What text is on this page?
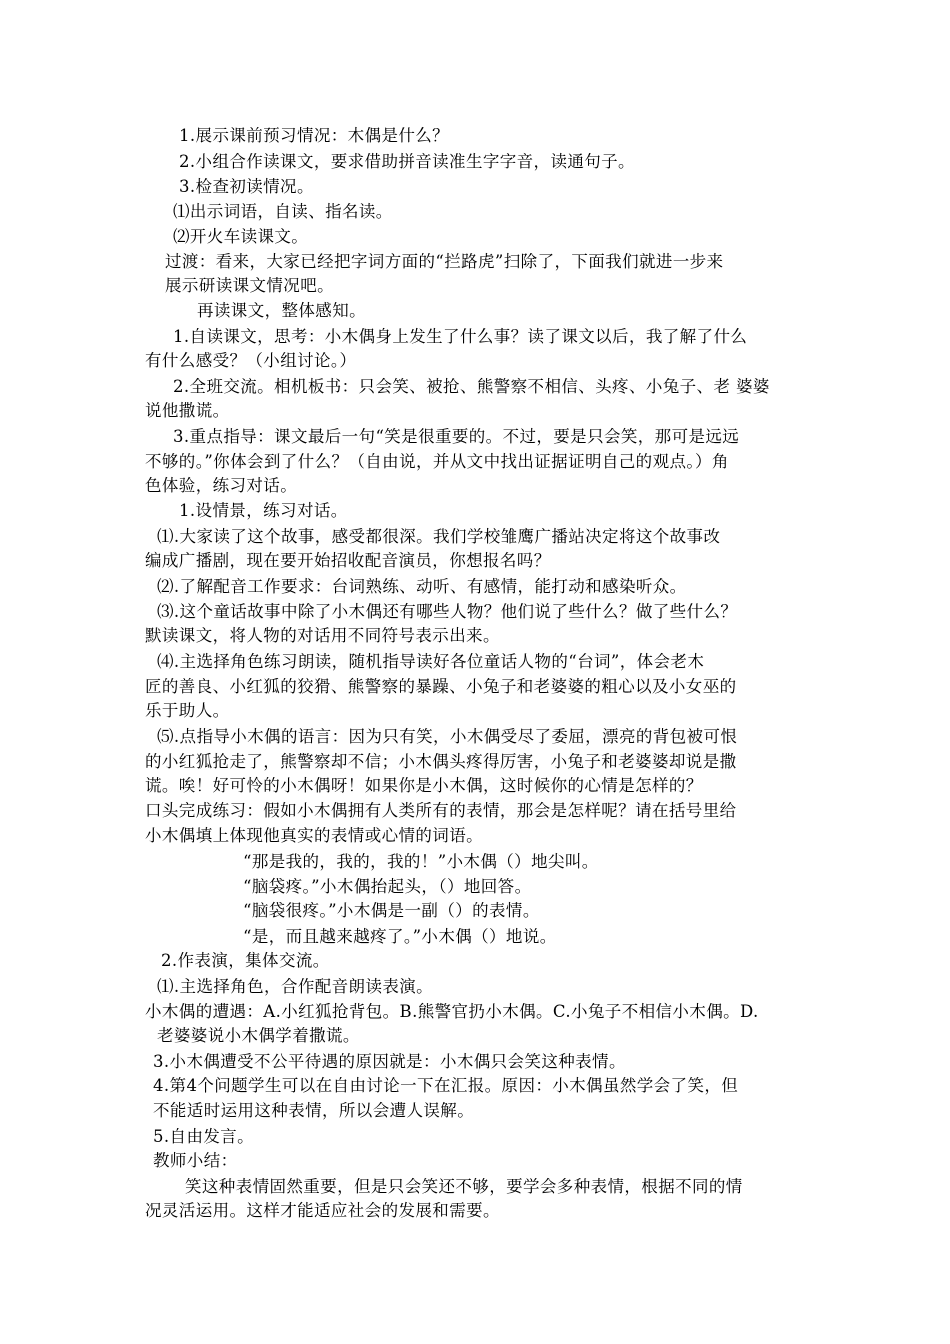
1.展示课前预习情况：木偶是什么？
2.小组合作读课文，要求借助拼音读准生字字音，读通句子。
3.检查初读情况。
⑴出示词语，自读、指名读。
⑵开火车读课文。
过渡：看来，大家已经把字词方面的“拦路虎”扫除了，下面我们就进一步来
展示研读课文情况吧。
再读课文，整体感知。
1.自读课文，思考：小木偶身上发生了什么事？读了课文以后，我了解了什么
有什么感受？（小组讨论。）
2.全班交流。相机板书：只会笑、被抢、熊警察不相信、头疼、小兔子、老 婆婆
说他撒谎。
3.重点指导：课文最后一句“笑是很重要的。不过，要是只会笑，那可是远远
不够的。”你体会到了什么？（自由说，并从文中找出证据证明自己的观点。）角
色体验，练习对话。
1.设情景，练习对话。
⑴.大家读了这个故事，感受都很深。我们学校雏鹰广播站决定将这个故事改
编成广播剧，现在要开始招收配音演员，你想报名吗？
⑵.了解配音工作要求：台词熟练、动听、有感情，能打动和感染听众。
⑶.这个童话故事中除了小木偶还有哪些人物？他们说了些什么？做了些什么？
默读课文，将人物的对话用不同符号表示出来。
⑷.主选择角色练习朗读，随机指导读好各位童话人物的“台词”，体会老木
匠的善良、小红狐的狡猾、熊警察的暴躁、小兔子和老婆婆的粗心以及小女巫的
乐于助人。
⑸.点指导小木偶的语言：因为只有笑，小木偶受尽了委屈，漂亮的背包被可恨
的小红狐抢走了，熊警察却不信；小木偶头疼得厉害，小兔子和老婆婆却说是撒
谎。唉！好可怜的小木偶呀！如果你是小木偶，这时候你的心情是怎样的？
口头完成练习：假如小木偶拥有人类所有的表情，那会是怎样呢？请在括号里给
小木偶填上体现他真实的表情或心情的词语。
“那是我的，我的，我的！”小木偶（）地尖叫。
“脑袋疼。”小木偶抬起头，（）地回答。
“脑袋很疼。”小木偶是一副（）的表情。
“是，而且越来越疼了。”小木偶（）地说。
2.作表演，集体交流。
⑴.主选择角色，合作配音朗读表演。
小木偶的遭遇：A.小红狐抢背包。B.熊警官扔小木偶。C.小兔子不相信小木偶。D.
老婆婆说小木偶学着撒谎。
3.小木偶遭受不公平待遇的原因就是：小木偶只会笑这种表情。
4.第4个问题学生可以在自由讨论一下在汇报。原因：小木偶虽然学会了笑，但
不能适时运用这种表情，所以会遭人误解。
5.自由发言。
教师小结：
笑这种表情固然重要，但是只会笑还不够，要学会多种表情，根据不同的情
况灵活运用。这样才能适应社会的发展和需要。
